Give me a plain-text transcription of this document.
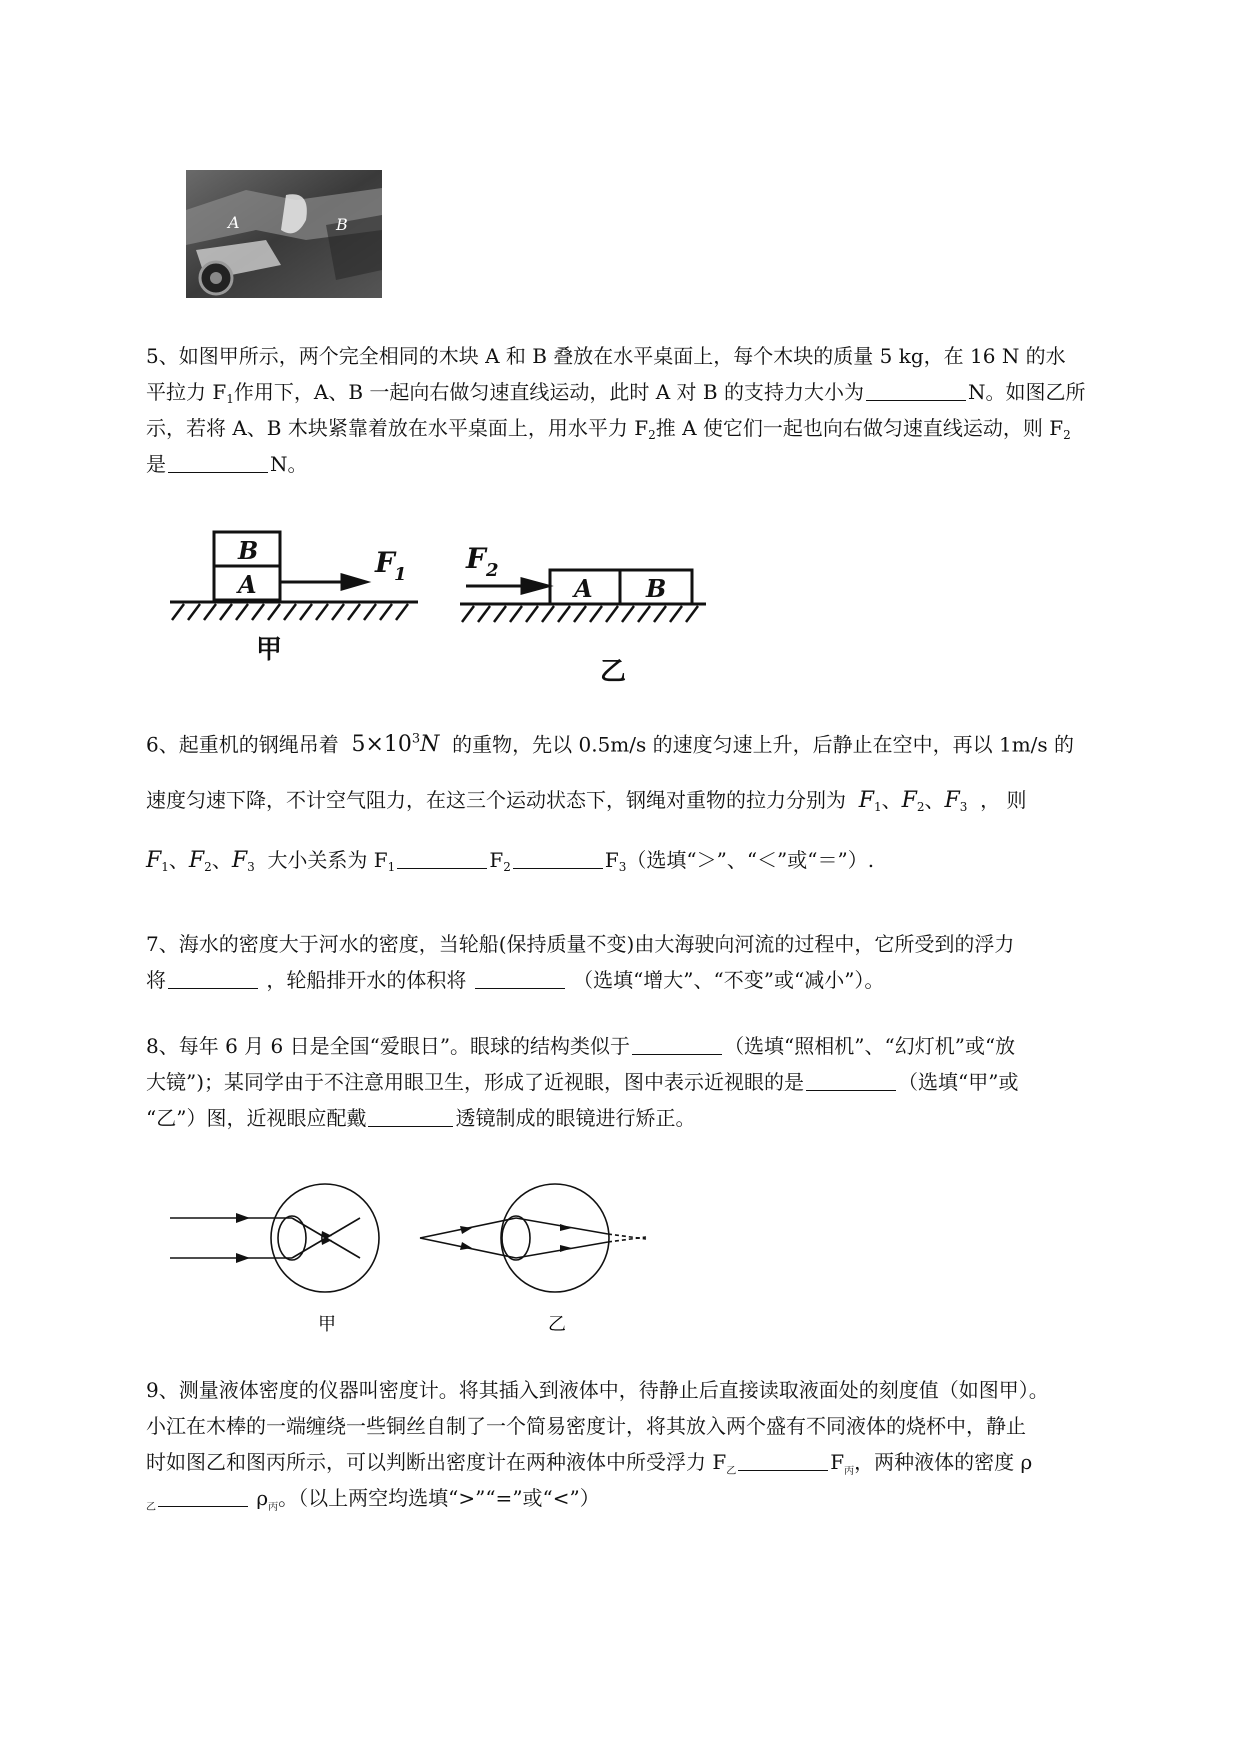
A	B

5、如图甲所示，两个完全相同的木块 A 和 B 叠放在水平桌面上，每个木块的质量 5 kg，在 16 N 的水

平拉力 $F_1$作用下，A、B 一起向右做匀速直线运动，此时 A 对 B 的支持力大小为	N。如图乙所

示，若将 A、B 木块紧靠着放在水平桌面上，用水平力 $F_2$推 A 使它们一起也向右做匀速直线运动，则 $F_2$

是	N。

B
A	A B
F 1 F 2
甲
乙

6、起重机的钢绳吊着 $5\times 10^3N$ 的重物，先以 0.5m/s 的速度匀速上升，后静止在空中，再以 1m/s 的

速度匀速下降，不计空气阻力，在这三个运动状态下，钢绳对重物的拉力分别为 $F_1$、$F_2$、$F_3$ ， 则

$F_1$、$F_2$、$F_3$ 大小关系为 $F_1$	$F_2$	$F_3$（选填“＞”、“＜”或“＝”）.

7、海水的密度大于河水的密度，当轮船(保持质量不变)由大海驶向河流的过程中，它所受到的浮力

将	，轮船排开水的体积将	（选填“增大”、“不变”或“减小”）。

8、每年 6 月 6 日是全国“爱眼日”。眼球的结构类似于	（选填“照相机”、“幻灯机”或“放

大镜”)；某同学由于不注意用眼卫生，形成了近视眼，图中表示近视眼的是	（选填“甲”或

“乙”）图，近视眼应配戴	透镜制成的眼镜进行矫正。

甲	乙

9、测量液体密度的仪器叫密度计。将其插入到液体中，待静止后直接读取液面处的刻度值（如图甲）。

小江在木棒的一端缠绕一些铜丝自制了一个简易密度计，将其放入两个盛有不同液体的烧杯中，静止

时如图乙和图丙所示，可以判断出密度计在两种液体中所受浮力 $F_乙$	$F_丙$，两种液体的密度 ρ

$_乙$	$\rho_丙$。（以上两空均选填“>”“=”或“<”）
